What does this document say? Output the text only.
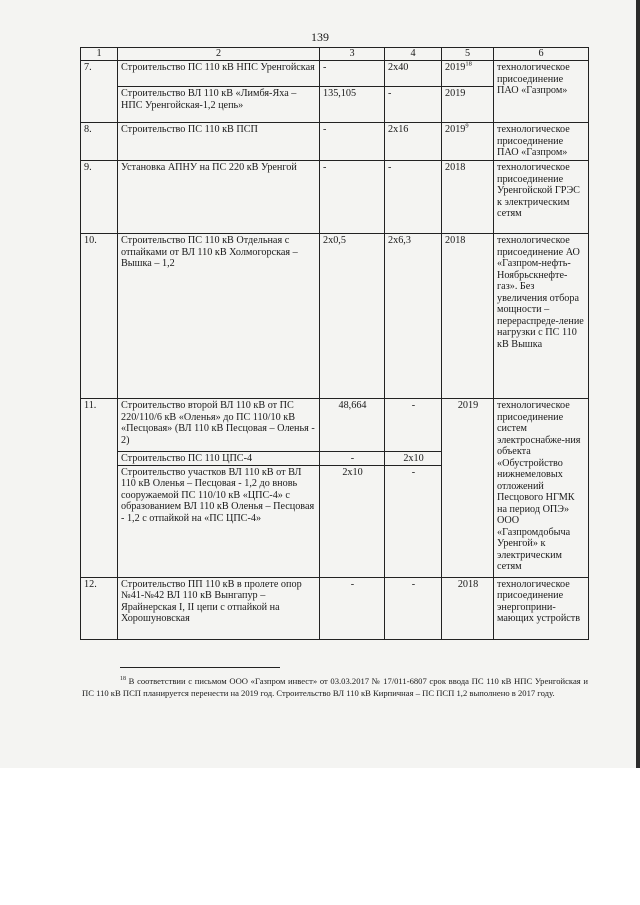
139
1	2	3	4	5	6
7.	Строительство ПС 110 кВ НПС Уренгойская	-	2х40	2019$^{18}$	технологическое присоединение ПАО «Газпром»
	Строительство ВЛ 110 кВ «Лимбя-Яха – НПС Уренгойская-1,2 цепь»	135,105	-	2019	
8.	Строительство ПС 110 кВ ПСП	-	2х16	2019$^9$	технологическое присоединение ПАО «Газпром»
9.	Установка АПНУ на ПС 220 кВ Уренгой	-	-	2018	технологическое присоединение Уренгойской ГРЭС к электрическим сетям
10.	Строительство ПС 110 кВ Отдельная с отпайками от ВЛ 110 кВ Холмогорская – Вышка – 1,2	2х0,5	2х6,3	2018	технологическое присоединение АО «Газпром-нефть-Ноябрьскнефте-газ». Без увеличения отбора мощности – перераспреде-ление нагрузки с ПС 110 кВ Вышка
11.	Строительство второй ВЛ 110 кВ от ПС 220/110/6 кВ «Оленья» до ПС 110/10 кВ «Песцовая» (ВЛ 110 кВ Песцовая – Оленья - 2)	48,664	-	2019	технологическое присоединение систем электроснабже-ния объекта «Обустройство нижнемеловых отложений Песцового НГМК на период ОПЭ» ООО «Газпромдобыча Уренгой» к электрическим сетям
	Строительство ПС 110 ЦПС-4	-	2х10		
	Строительство участков ВЛ 110 кВ от ВЛ 110 кВ Оленья – Песцовая - 1,2 до вновь сооружаемой ПС 110/10 кВ «ЦПС-4» с образованием ВЛ 110 кВ Оленья – Песцовая - 1,2 с отпайкой на «ПС ЦПС-4»	2х10	-		
12.	Строительство ПП 110 кВ в пролете опор №41-№42 ВЛ 110 кВ Вынгапур – Ярайнерская I, II цепи с отпайкой на Хорошуновская	-	-	2018	технологическое присоединение энергоприни-мающих устройств
$^{18}$ В соответствии с письмом ООО «Газпром инвест» от 03.03.2017 № 17/011-6807 срок ввода ПС 110 кВ НПС Уренгойская и ПС 110 кВ ПСП планируется перенести на 2019 год. Строительство ВЛ 110 кВ Кирпичная – ПС ПСП 1,2 выполнено в 2017 году.
